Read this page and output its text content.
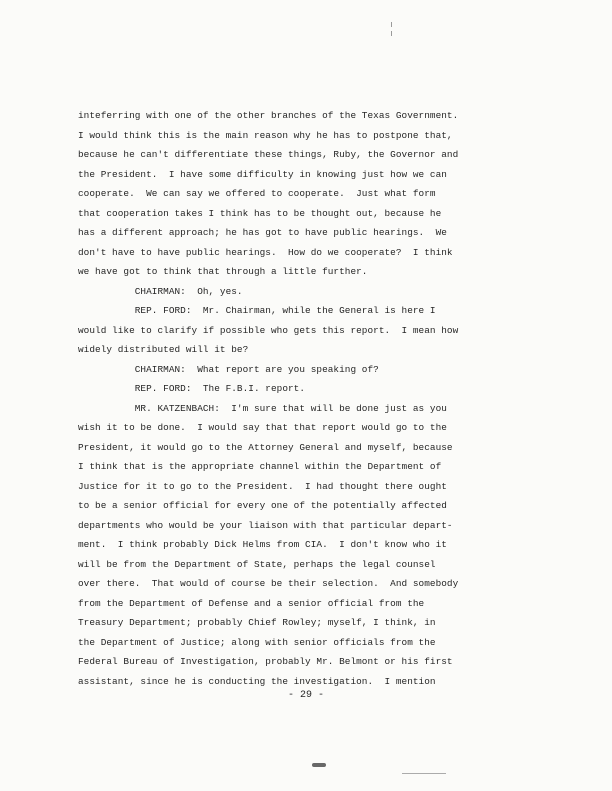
inteferring with one of the other branches of the Texas Government.

I would think this is the main reason why he has to postpone that,

because he can't differentiate these things, Ruby, the Governor and

the President.  I have some difficulty in knowing just how we can

cooperate.  We can say we offered to cooperate.  Just what form

that cooperation takes I think has to be thought out, because he

has a different approach; he has got to have public hearings.  We

don't have to have public hearings.  How do we cooperate?  I think

we have got to think that through a little further.

CHAIRMAN:  Oh, yes.

REP. FORD:  Mr. Chairman, while the General is here I

would like to clarify if possible who gets this report.  I mean how

widely distributed will it be?

CHAIRMAN:  What report are you speaking of?

REP. FORD:  The F.B.I. report.

MR. KATZENBACH:  I'm sure that will be done just as you

wish it to be done.  I would say that that report would go to the

President, it would go to the Attorney General and myself, because

I think that is the appropriate channel within the Department of

Justice for it to go to the President.  I had thought there ought

to be a senior official for every one of the potentially affected

departments who would be your liaison with that particular depart-

ment.  I think probably Dick Helms from CIA.  I don't know who it

will be from the Department of State, perhaps the legal counsel

over there.  That would of course be their selection.  And somebody

from the Department of Defense and a senior official from the

Treasury Department; probably Chief Rowley; myself, I think, in

the Department of Justice; along with senior officials from the

Federal Bureau of Investigation, probably Mr. Belmont or his first

assistant, since he is conducting the investigation.  I mention

- 29 -
